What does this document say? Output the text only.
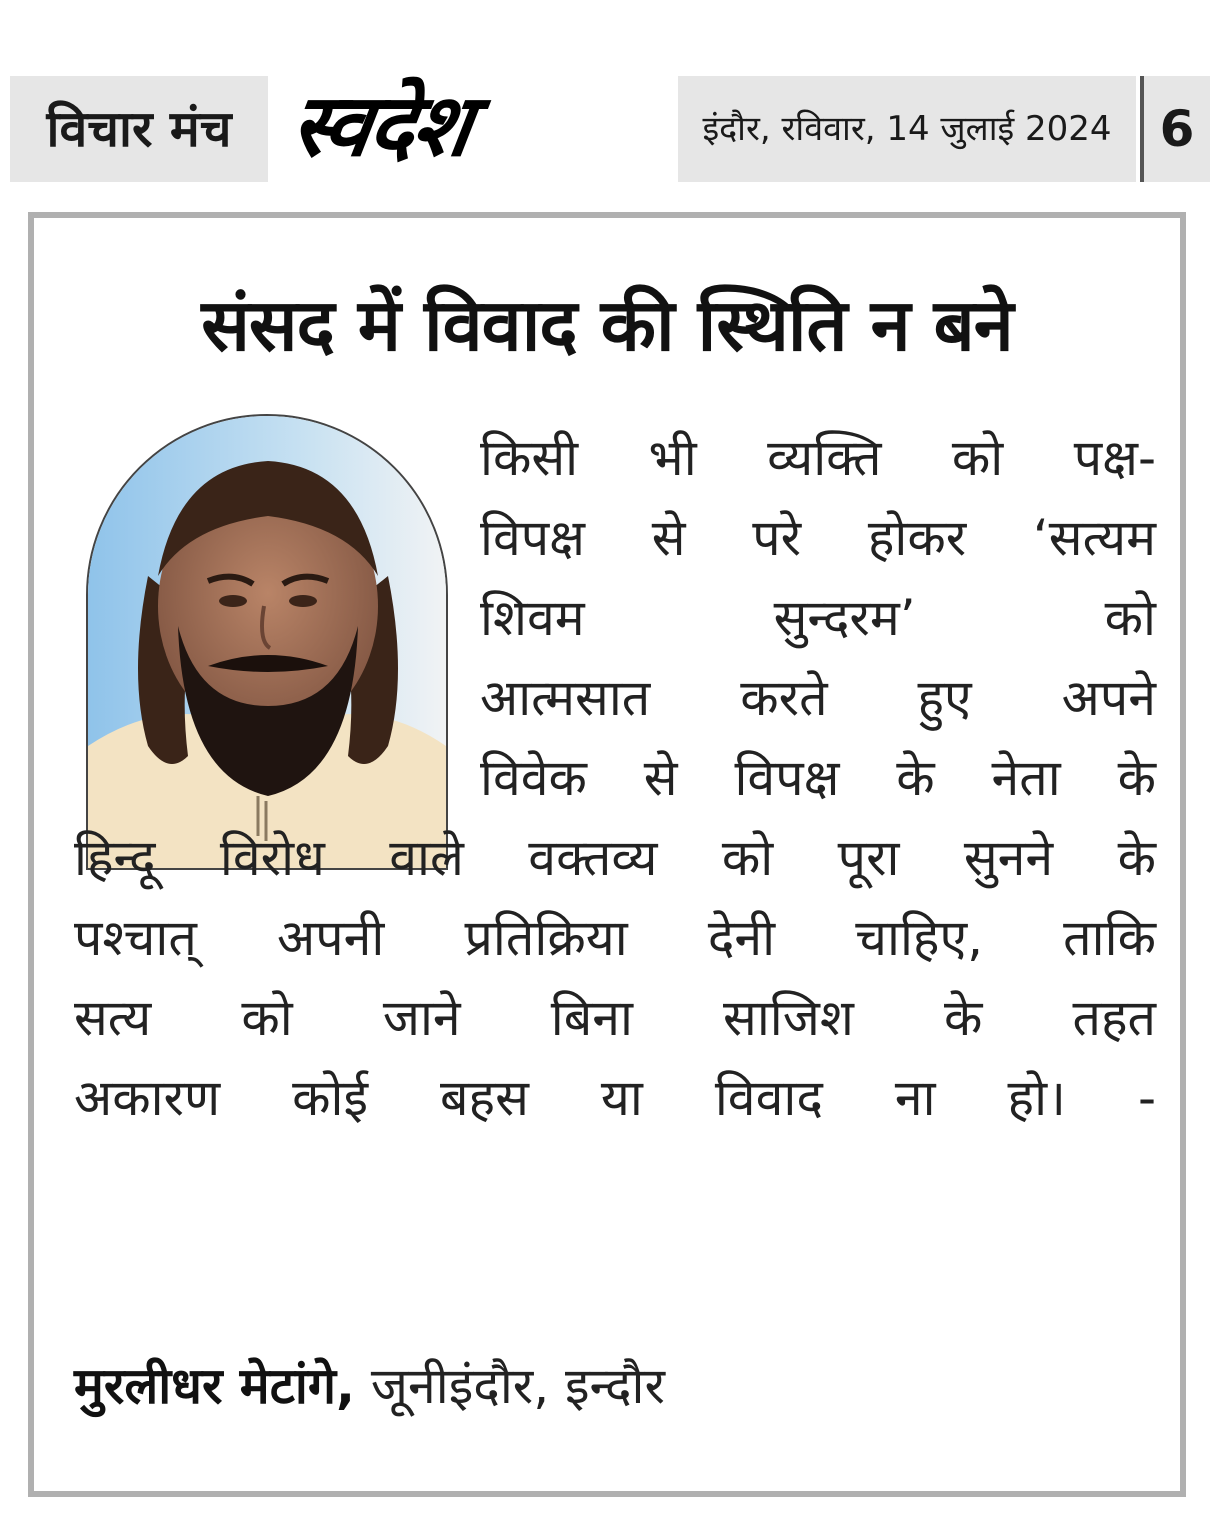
विचार मंच स्वदेश	इंदौर, रविवार, 14 जुलाई 2024 6
संसद में विवाद की स्थिति न बने
किसी भी व्यक्ति को पक्ष-
विपक्ष से परे होकर ‘सत्यम
शिवम सुन्दरम’ को
आत्मसात करते हुए अपने
विवेक से विपक्ष के नेता के
हिन्दू विरोध वाले वक्तव्य को पूरा सुनने के
पश्चात् अपनी प्रतिक्रिया देनी चाहिए, ताकि
सत्य को जाने बिना साजिश के तहत
अकारण कोई बहस या विवाद ना हो। -
मुरलीधर मेटांगे, जूनीइंदौर, इन्दौर
